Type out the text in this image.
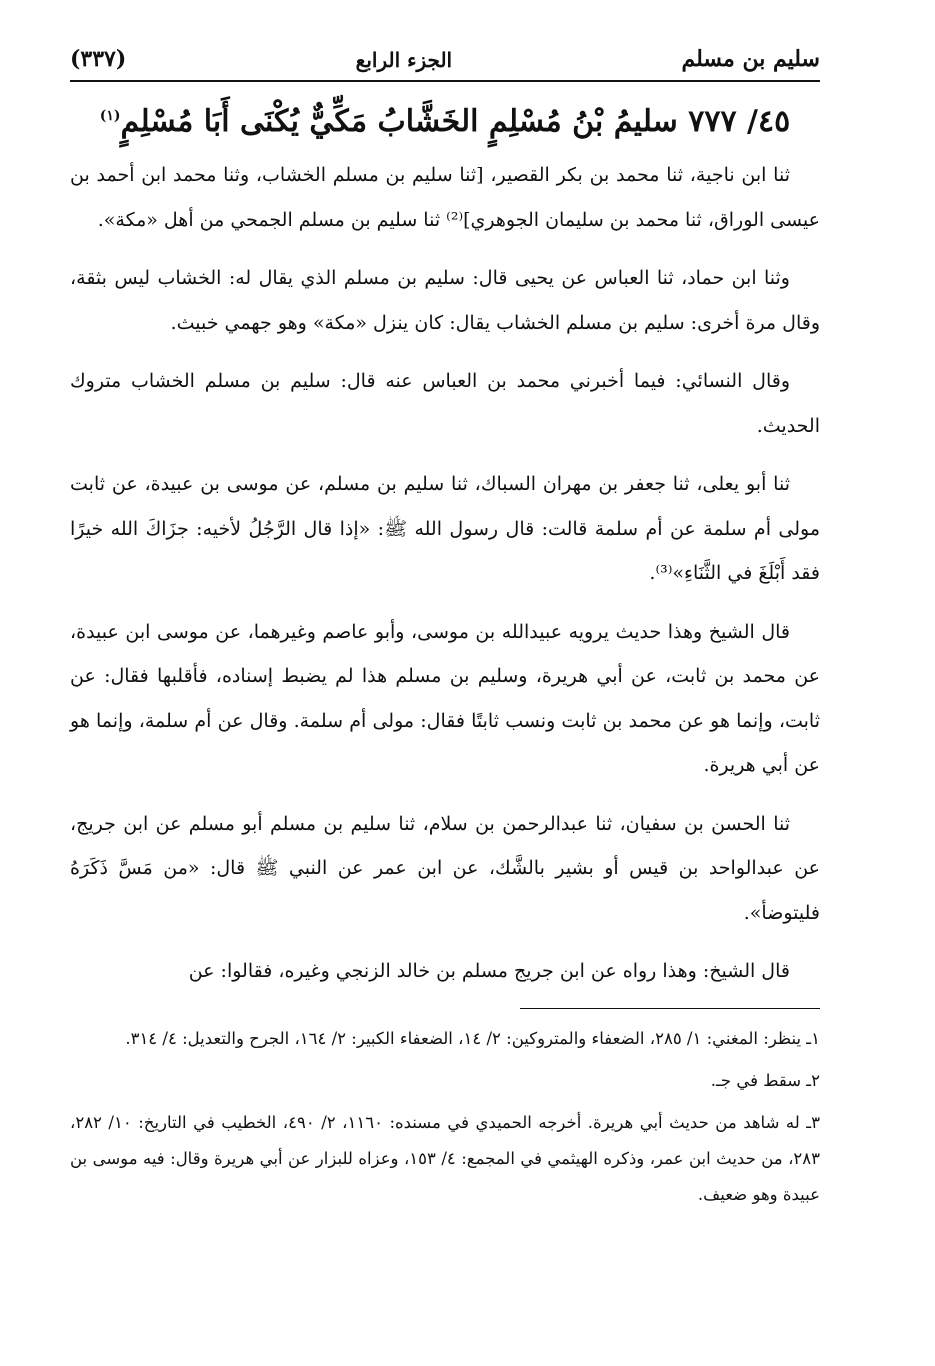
سليم بن مسلم
الجزء الرابع
(٣٣٧)
٤٥/ ٧٧٧ سليمُ بْنُ مُسْلِمٍ الخَشَّابُ مَكِّيٌّ يُكْنَى أَبَا مُسْلِمٍ$^{(١)}$

ثنا ابن ناجية، ثنا محمد بن بكر القصير، [ثنا سليم بن مسلم الخشاب، وثنا محمد ابن أحمد بن عيسى الوراق، ثنا محمد بن سليمان الجوهري]⁽²⁾ ثنا سليم بن مسلم الجمحي من أهل «مكة».

وثنا ابن حماد، ثنا العباس عن يحيى قال: سليم بن مسلم الذي يقال له: الخشاب ليس بثقة، وقال مرة أخرى: سليم بن مسلم الخشاب يقال: كان ينزل «مكة» وهو جهمي خبيث.

وقال النسائي: فيما أخبرني محمد بن العباس عنه قال: سليم بن مسلم الخشاب متروك الحديث.

ثنا أبو يعلى، ثنا جعفر بن مهران السباك، ثنا سليم بن مسلم، عن موسى بن عبيدة، عن ثابت مولى أم سلمة عن أم سلمة قالت: قال رسول الله ﷺ: «إذا قال الرَّجُلُ لأخيه: جزَاكَ الله خيرًا فقد أَبْلَغَ في الثَّنَاءِ»⁽³⁾.

قال الشيخ وهذا حديث يرويه عبيدالله بن موسى، وأبو عاصم وغيرهما، عن موسى ابن عبيدة، عن محمد بن ثابت، عن أبي هريرة، وسليم بن مسلم هذا لم يضبط إسناده، فأقلبها فقال: عن ثابت، وإنما هو عن محمد بن ثابت ونسب ثابتًا فقال: مولى أم سلمة. وقال عن أم سلمة، وإنما هو عن أبي هريرة.

ثنا الحسن بن سفيان، ثنا عبدالرحمن بن سلام، ثنا سليم بن مسلم أبو مسلم عن ابن جريج، عن عبدالواحد بن قيس أو بشير بالشَّك، عن ابن عمر عن النبي ﷺ قال: «من مَسَّ ذَكَرَهُ فليتوضأ».

قال الشيخ: وهذا رواه عن ابن جريج مسلم بن خالد الزنجي وغيره، فقالوا: عن

١ـ ينظر: المغني: ١/ ٢٨٥، الضعفاء والمتروكين: ٢/ ١٤، الضعفاء الكبير: ٢/ ١٦٤، الجرح والتعديل: ٤/ ٣١٤.

٢ـ سقط في جـ.

٣ـ له شاهد من حديث أبي هريرة. أخرجه الحميدي في مسنده: ١١٦٠، ٢/ ٤٩٠، الخطيب في التاريخ: ١٠/ ٢٨٢، ٢٨٣، من حديث ابن عمر، وذكره الهيثمي في المجمع: ٤/ ١٥٣، وعزاه للبزار عن أبي هريرة وقال: فيه موسى بن عبيدة وهو ضعيف.
